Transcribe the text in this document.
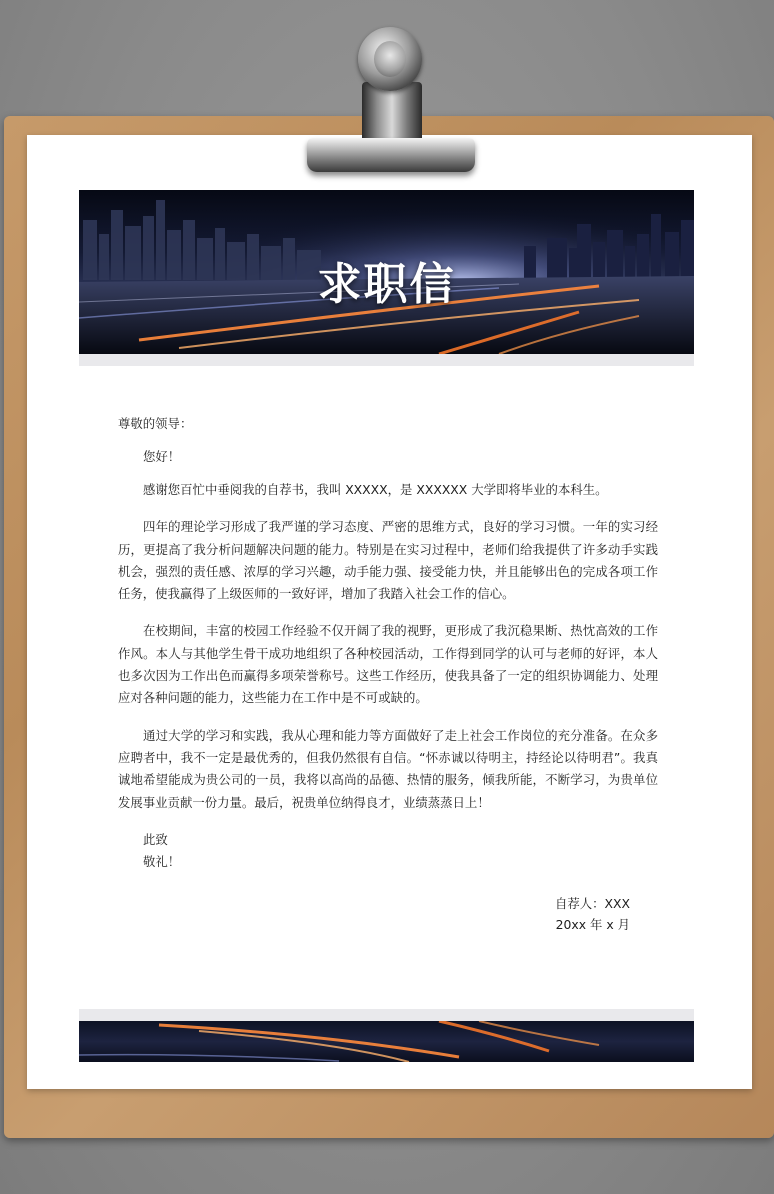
求职信

尊敬的领导：

您好！

感谢您百忙中垂阅我的自荐书，我叫 XXXXX，是 XXXXXX 大学即将毕业的本科生。

四年的理论学习形成了我严谨的学习态度、严密的思维方式，良好的学习习惯。一年的实习经历，更提高了我分析问题解决问题的能力。特别是在实习过程中，老师们给我提供了许多动手实践机会，强烈的责任感、浓厚的学习兴趣，动手能力强、接受能力快，并且能够出色的完成各项工作任务，使我赢得了上级医师的一致好评，增加了我踏入社会工作的信心。

在校期间，丰富的校园工作经验不仅开阔了我的视野，更形成了我沉稳果断、热忱高效的工作作风。本人与其他学生骨干成功地组织了各种校园活动，工作得到同学的认可与老师的好评，本人也多次因为工作出色而赢得多项荣誉称号。这些工作经历，使我具备了一定的组织协调能力、处理应对各种问题的能力，这些能力在工作中是不可或缺的。

通过大学的学习和实践，我从心理和能力等方面做好了走上社会工作岗位的充分准备。在众多应聘者中，我不一定是最优秀的，但我仍然很有自信。“怀赤诚以待明主，持经论以待明君”。我真诚地希望能成为贵公司的一员，我将以高尚的品德、热情的服务，倾我所能，不断学习，为贵单位发展事业贡献一份力量。最后，祝贵单位纳得良才，业绩蒸蒸日上！

此致

敬礼！

自荐人：XXX
20xx 年 x 月
